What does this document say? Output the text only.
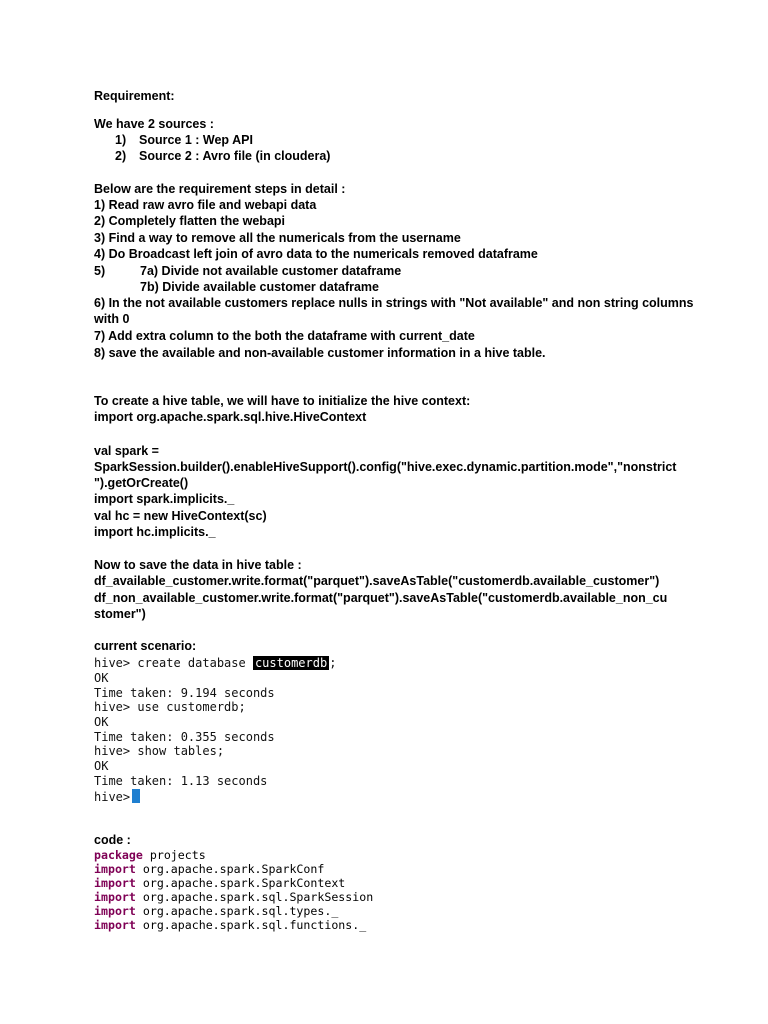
Requirement:
We have 2 sources :
1) Source 1 : Wep API
2) Source 2 : Avro file (in cloudera)
Below are the requirement steps in detail :
1) Read raw avro file and webapi data
2) Completely flatten the webapi
3) Find a way to remove all the numericals from the username
4) Do Broadcast left join of avro data to the numericals removed dataframe
5)	7a) Divide not available customer dataframe
7b) Divide available customer dataframe
6) In the not available customers replace nulls in strings with "Not available" and non string columns
with 0
7) Add extra column to the both the dataframe with current_date
8) save the available and non-available customer information in a hive table.
To create a hive table, we will have to initialize the hive context:
import org.apache.spark.sql.hive.HiveContext
val spark =
SparkSession.builder().enableHiveSupport().config("hive.exec.dynamic.partition.mode","nonstrict
").getOrCreate()
import spark.implicits._
val hc = new HiveContext(sc)
import hc.implicits._
Now to save the data in hive table :
df_available_customer.write.format("parquet").saveAsTable("customerdb.available_customer")
df_non_available_customer.write.format("parquet").saveAsTable("customerdb.available_non_cu
stomer")
current scenario:
hive> create database customerdb ;
OK
Time taken: 9.194 seconds
hive> use customerdb;
OK
Time taken: 0.355 seconds
hive> show tables;
OK
Time taken: 1.13 seconds
hive>
code :
package projects
import org.apache.spark.SparkConf
import org.apache.spark.SparkContext
import org.apache.spark.sql.SparkSession
import org.apache.spark.sql.types._
import org.apache.spark.sql.functions._
